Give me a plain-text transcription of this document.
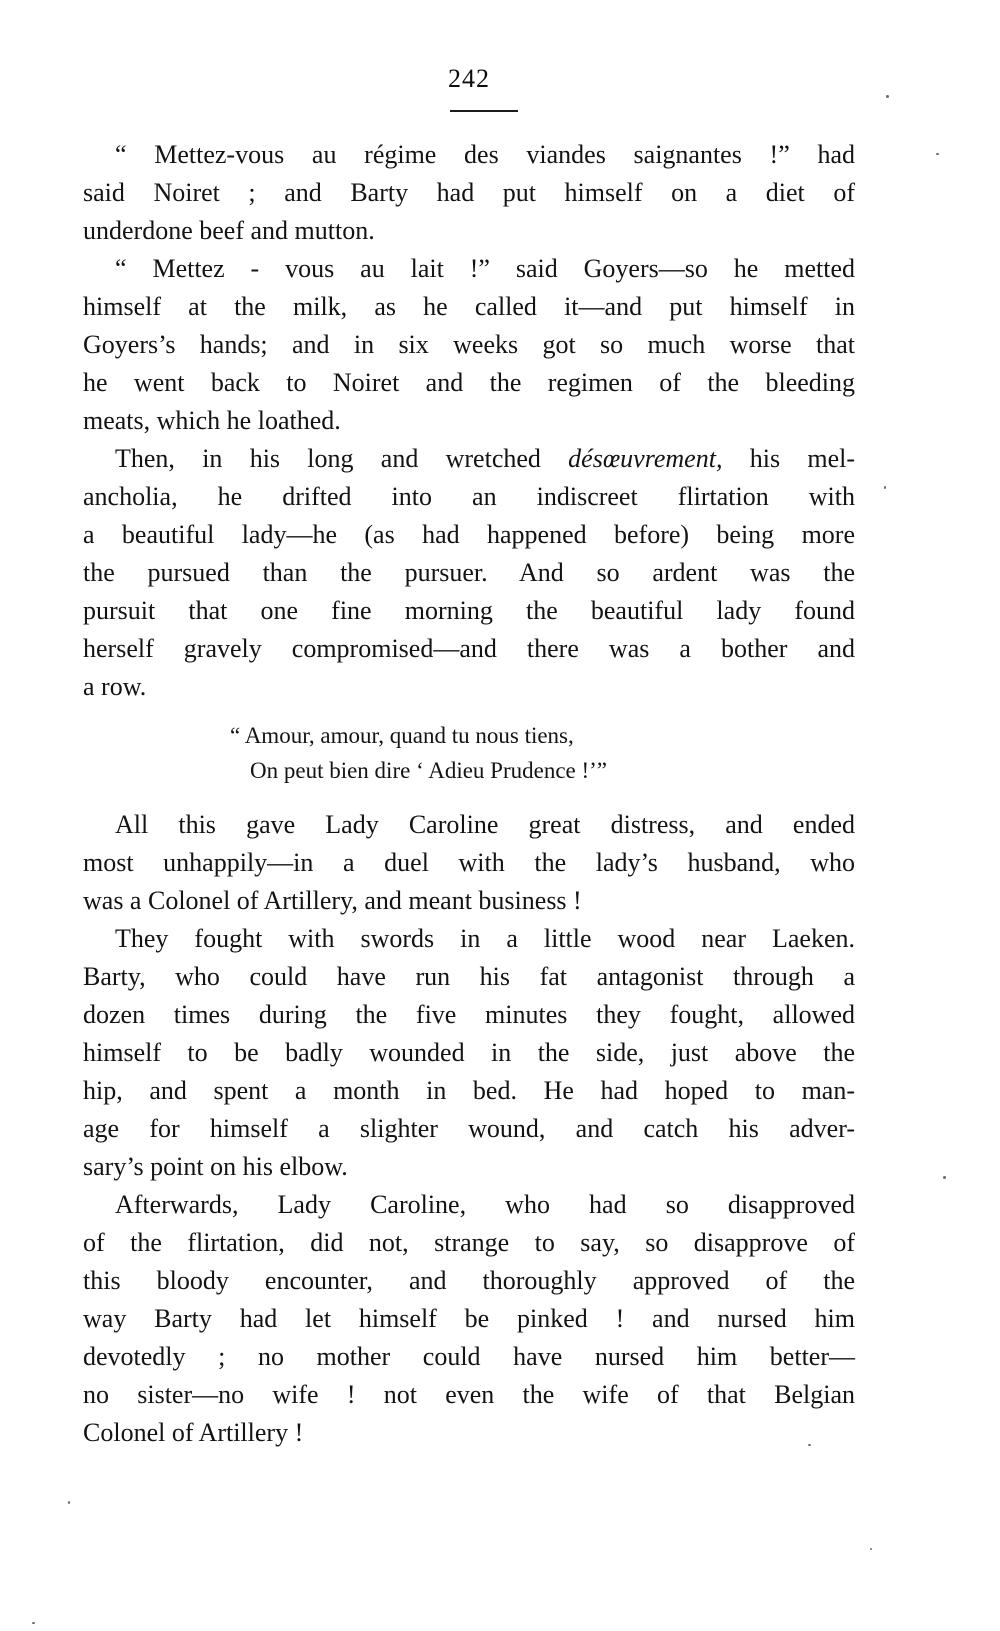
242

“ Mettez-vous au régime des viandes saignantes !” had
said Noiret ; and Barty had put himself on a diet of
underdone beef and mutton.

“ Mettez - vous au lait !” said Goyers—so he metted
himself at the milk, as he called it—and put himself in
Goyers’s hands; and in six weeks got so much worse that
he went back to Noiret and the regimen of the bleeding
meats, which he loathed.

Then, in his long and wretched désœuvrement, his mel-
ancholia, he drifted into an indiscreet flirtation with
a beautiful lady—he (as had happened before) being more
the pursued than the pursuer. And so ardent was the
pursuit that one fine morning the beautiful lady found
herself gravely compromised—and there was a bother and
a row.

“ Amour, amour, quand tu nous tiens,
On peut bien dire ‘ Adieu Prudence !’”

All this gave Lady Caroline great distress, and ended
most unhappily—in a duel with the lady’s husband, who
was a Colonel of Artillery, and meant business !

They fought with swords in a little wood near Laeken.
Barty, who could have run his fat antagonist through a
dozen times during the five minutes they fought, allowed
himself to be badly wounded in the side, just above the
hip, and spent a month in bed. He had hoped to man-
age for himself a slighter wound, and catch his adver-
sary’s point on his elbow.

Afterwards, Lady Caroline, who had so disapproved
of the flirtation, did not, strange to say, so disapprove of
this bloody encounter, and thoroughly approved of the
way Barty had let himself be pinked ! and nursed him
devotedly ; no mother could have nursed him better—
no sister—no wife ! not even the wife of that Belgian
Colonel of Artillery !
